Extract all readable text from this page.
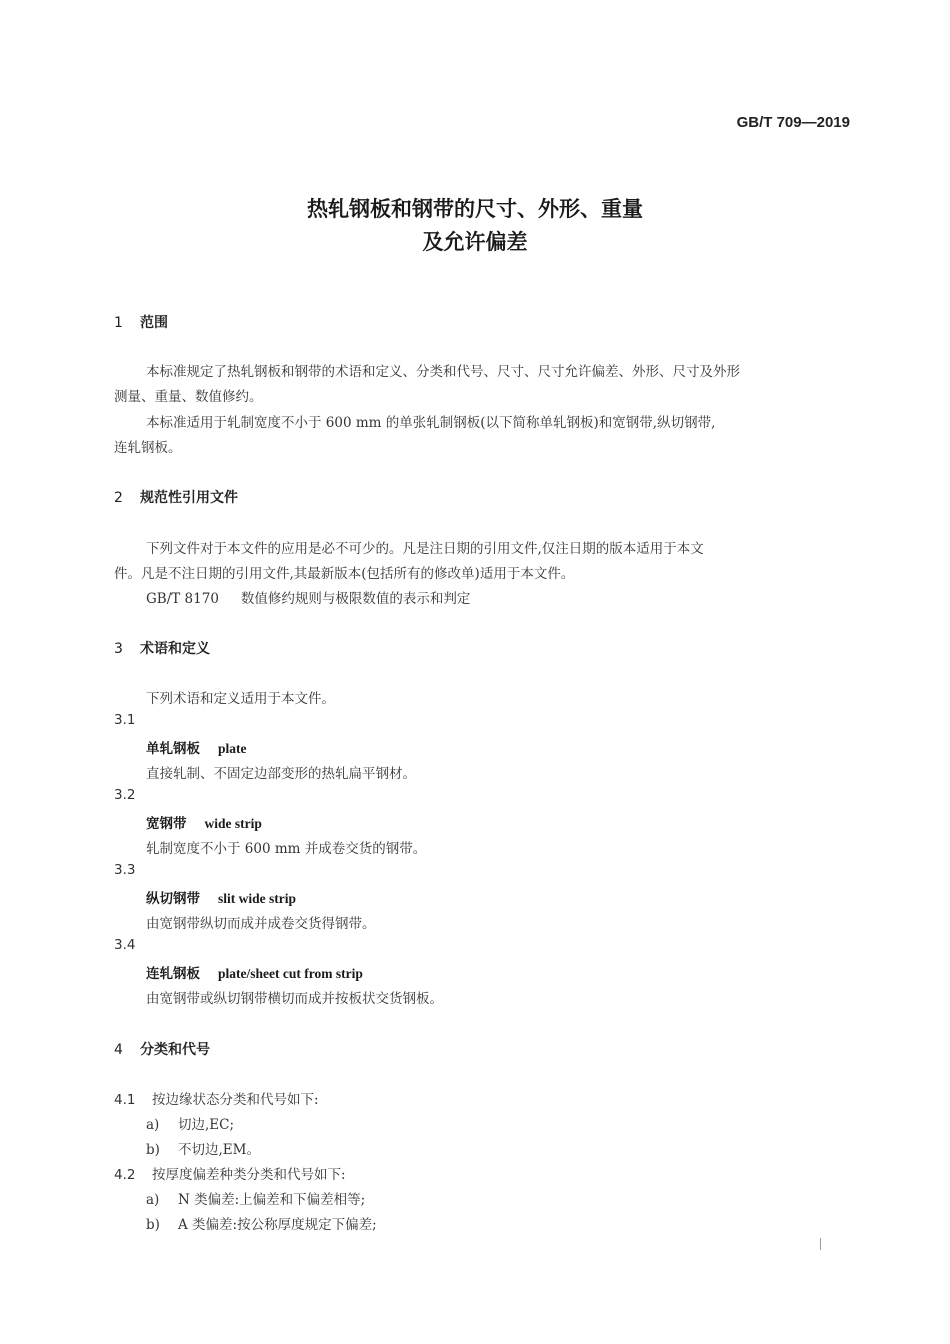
GB/T 709—2019
热轧钢板和钢带的尺寸、外形、重量
及允许偏差
1 范围
本标准规定了热轧钢板和钢带的术语和定义、分类和代号、尺寸、尺寸允许偏差、外形、尺寸及外形
测量、重量、数值修约。
本标准适用于轧制宽度不小于 600 mm 的单张轧制钢板(以下简称单轧钢板)和宽钢带,纵切钢带,
连轧钢板。
2 规范性引用文件
下列文件对于本文件的应用是必不可少的。凡是注日期的引用文件,仅注日期的版本适用于本文
件。凡是不注日期的引用文件,其最新版本(包括所有的修改单)适用于本文件。
GB/T 8170 数值修约规则与极限数值的表示和判定
3 术语和定义
下列术语和定义适用于本文件。
3.1
单轧钢板 plate
直接轧制、不固定边部变形的热轧扁平钢材。
3.2
宽钢带 wide strip
轧制宽度不小于 600 mm 并成卷交货的钢带。
3.3
纵切钢带 slit wide strip
由宽钢带纵切而成并成卷交货得钢带。
3.4
连轧钢板 plate/sheet cut from strip
由宽钢带或纵切钢带横切而成并按板状交货钢板。
4 分类和代号
4.1 按边缘状态分类和代号如下:
a) 切边,EC;
b) 不切边,EM。
4.2 按厚度偏差种类分类和代号如下:
a) N 类偏差:上偏差和下偏差相等;
b) A 类偏差:按公称厚度规定下偏差;
